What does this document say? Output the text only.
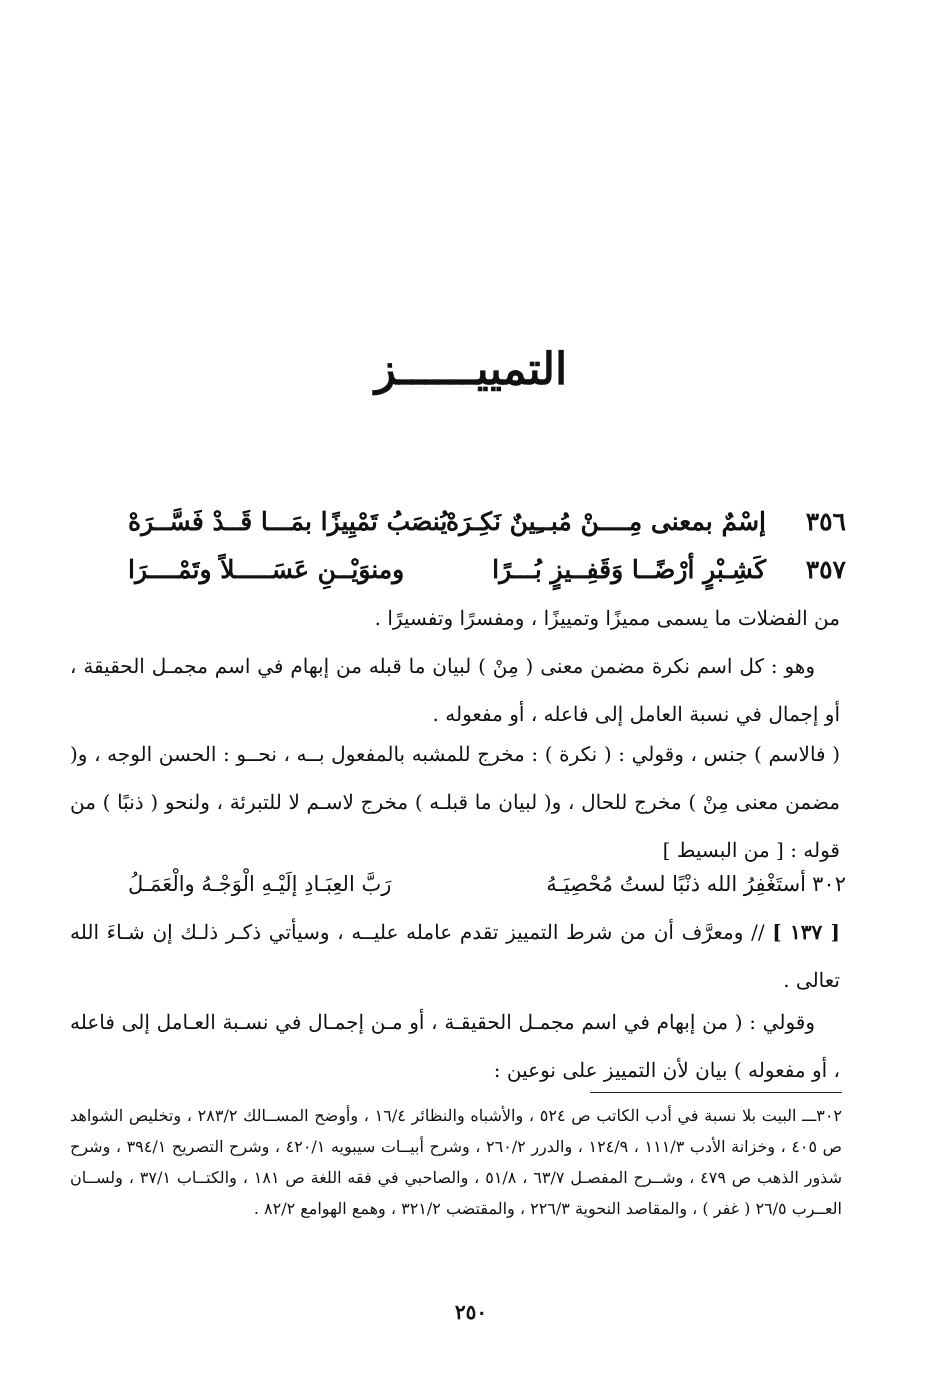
التمييــــــز
٣٥٦
إسْمٌ بمعنى مِــــنْ مُبــِينٌ نَكِـرَهْ
يُنصَبُ تَمْيِيزًا بمَـــا قَــدْ فَسَّــرَهْ
٣٥٧
كَشِـبْرٍ أرْضًــا وَقَفِــيزٍ بُـــرًا
ومنوَيْــنِ عَسَـــــلاً وتَمْــــرَا
من الفضلات ما يسمى مميزًا وتمييزًا ، ومفسرًا وتفسيرًا .
وهو : كل اسم نكرة مضمن معنى ( مِنْ ) لبيان ما قبله من إبهام في اسم مجمـل الحقيقة ، أو إجمال في نسبة العامل إلى فاعله ، أو مفعوله .
( فالاسم ) جنس ، وقولي : ( نكرة ) : مخرج للمشبه بالمفعول بــه ، نحــو : الحسن الوجه ، و( مضمن معنى مِنْ ) مخرج للحال ، و( لبيان ما قبلـه ) مخرج لاسـم لا للتبرئة ، ولنحو ( ذنبًا ) من قوله : [ من البسيط ]
٣٠٢
أستَغْفِرُ الله ذنْبًا لستُ مُحْصِيَـهُ
رَبَّ العِبَـادِ إلَيْـهِ الْوَجْـهُ والْعَمَـلُ
[ ١٣٧ ] // ومعرَّف أن من شرط التمييز تقدم عامله عليــه ، وسيأتي ذكـر ذلـك إن شـاءَ الله تعالى .
وقولي : ( من إبهام في اسم مجمـل الحقيقـة ، أو مـن إجمـال في نسـبة العـامل إلى فاعله ، أو مفعوله ) بيان لأن التمييز على نوعين :
٣٠٢ـــ البيت بلا نسبة في أدب الكاتب ص ٥٢٤ ، والأشباه والنظائر ١٦/٤ ، وأوضح المســالك ٢٨٣/٢ ، وتخليص الشواهد ص ٤٠٥ ، وخزانة الأدب ١١١/٣ ، ١٢٤/٩ ، والدرر ٢٦٠/٢ ، وشرح أبيــات سيبويه ٤٢٠/١ ، وشرح التصريح ٣٩٤/١ ، وشرح شذور الذهب ص ٤٧٩ ، وشــرح المفصـل ٦٣/٧ ، ٥١/٨ ، والصاحبي في فقه اللغة ص ١٨١ ، والكتــاب ٣٧/١ ، ولســان العــرب ٢٦/٥ ( غفر ) ، والمقاصد النحوية ٢٢٦/٣ ، والمقتضب ٣٢١/٢ ، وهمع الهوامع ٨٢/٢ .
٢٥٠
